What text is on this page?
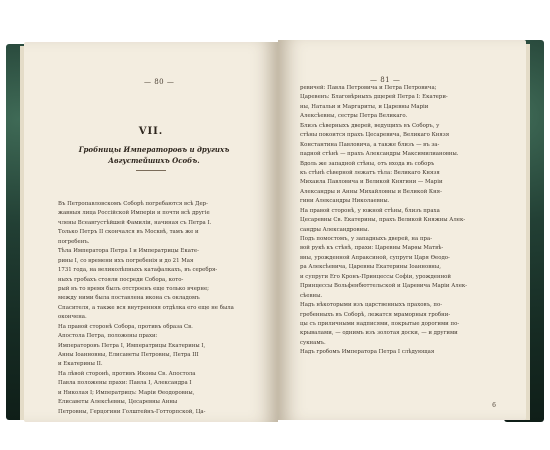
— 80 —
VII.
Гробницы Императоровъ и другихъ Августейшихъ Особъ.
Въ Петропавловскомъ Соборѣ погребаются всѣ Дер-
жавныя лица Россійской Имперіи и почти всѣ другіе
члены Всеавгустѣйшей Фамиліи, начиная съ Петра I.
Только Петръ II скончался въ Москвѣ, тамъ же и
погребенъ.
Тѣла Императора Петра I и Императрицы Екате-
рины I, со времени ихъ погребенія и до 21 Мая
1731 года, на великолѣпныхъ катафалкахъ, въ серебря-
ныхъ гробахъ стояли посреди Собора, кото-
рый въ то время былъ отстроенъ еще только вчерне;
между ними была поставлена икона съ окладомъ
Спасителя, а также вся внутренняя отдѣлка его еще не была
окончена.
На правой сторонѣ Собора, противъ образа Св.
Апостола Петра, положены прахи:
Императоровъ Петра I, Императрицы Екатерины I,
Анны Іоанновны, Елисаветы Петровны, Петра III
и Екатерины II.
На лѣвой сторонѣ, противъ Иконы Св. Апостола
Павла положены прахи: Павла I, Александра I
и Николая I; Императрицъ: Маріи Ѳеодоровны,
Елисаветы Алексѣевны, Цесаревны Анны
Петровны, Герцогини Голштейнъ-Готторпской, Ца-
— 81 —
ревичей: Павла Петровича и Петра Петровича;
Царевенъ: Благовѣрныхъ дщерей Петра I: Екатери-
ны, Натальи и Маргариты, и Царевны Маріи
Алексѣевны, сестры Петра Великаго.
Близъ сѣверныхъ дверей, ведущихъ въ Соборъ, у
стѣны покоится прахъ Цесаревича, Великаго Князя
Константина Павловича, а также близъ — въ за-
падной стѣнѣ — прахъ Александры Максимилиановны.
Вдоль же западной стѣны, отъ входа въ соборъ
къ стѣнѣ сѣверной лежатъ тѣла: Великаго Князя
Михаила Павловича и Великой Княгини — Маріи
Александры и Анны Михайловны и Великой Кня-
гини Александры Николаевны.
На правой сторонѣ, у южной стѣны, близъ праха
Цесаревны Св. Екатерины, прахъ Великой Княжны Алек-
сандры Александровны.
Подъ помостомъ, у западныхъ дверей, на пра-
вой рукѣ къ стѣнѣ, прахи: Царевны Марѳы Матвѣ-
вны, урожденной Апраксиной, супруги Царя Ѳеодо-
ра Алексѣевича, Царевны Екатерины Іоанновны,
и супруги Его Кронъ-Принцессы Софіи, урожденной
Принцессы Вольфенбюттельской и Царевича Маріи Алек-
сѣевны.
Надъ нѣкоторыми изъ царственныхъ праховъ, по-
гребенныхъ въ Соборѣ, лежатся мраморныя гробни-
цы съ приличными надписями, покрытые дорогими по-
крывалами, — однимъ изъ золотая доски, — и другими
сукнамъ.
Надъ гробомъ Императора Петра I слѣдующая
6
